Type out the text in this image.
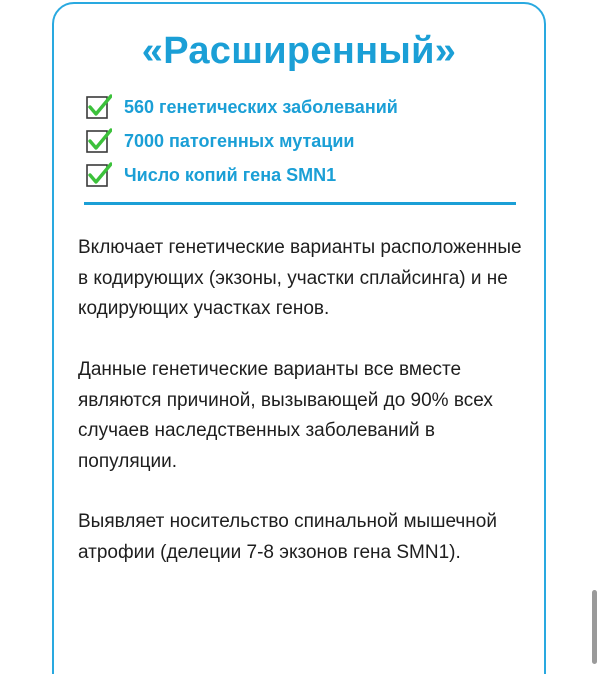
«Расширенный»
560 генетических заболеваний
7000 патогенных мутации
Число копий гена SMN1

Включает генетические варианты расположенные в кодирующих (экзоны, участки сплайсинга) и не кодирующих участках генов.

Данные генетические варианты все вместе являются причиной, вызывающей до 90% всех случаев наследственных заболеваний в популяции.

Выявляет носительство спинальной мышечной атрофии (делеции 7-8 экзонов гена SMN1).
